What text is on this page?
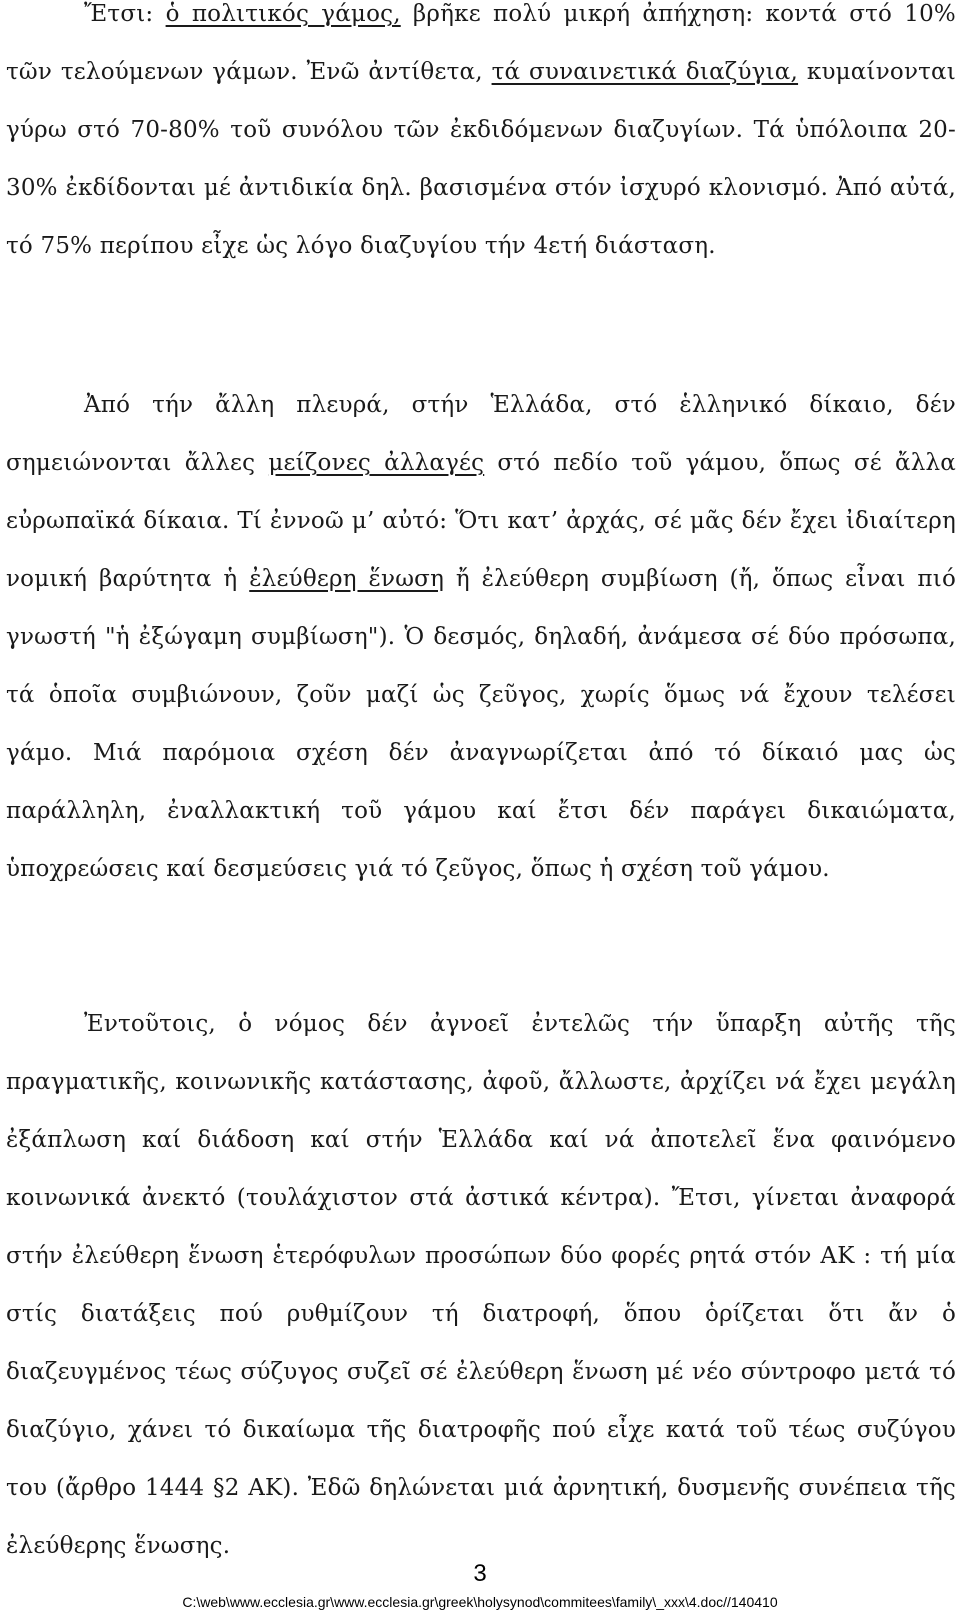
Ἔτσι: ὁ πολιτικός γάμος, βρῆκε πολύ μικρή ἀπήχηση: κοντά στό 10% τῶν τελούμενων γάμων. Ἐνῶ ἀντίθετα, τά συναινετικά διαζύγια, κυμαίνονται γύρω στό 70-80% τοῦ συνόλου τῶν ἐκδιδόμενων διαζυγίων. Τά ὑπόλοιπα 20-30% ἐκδίδονται μέ ἀντιδικία δηλ. βασισμένα στόν ἰσχυρό κλονισμό. Ἀπό αὐτά, τό 75% περίπου εἶχε ὡς λόγο διαζυγίου τήν 4ετή διάσταση.

Ἀπό τήν ἄλλη πλευρά, στήν Ἑλλάδα, στό ἑλληνικό δίκαιο, δέν σημειώνονται ἄλλες μείζονες ἀλλαγές στό πεδίο τοῦ γάμου, ὅπως σέ ἄλλα εὐρωπαϊκά δίκαια. Τί ἐννοῶ μ’ αὐτό: Ὅτι κατ’ ἀρχάς, σέ μᾶς δέν ἔχει ἰδιαίτερη νομική βαρύτητα ἡ ἐλεύθερη ἕνωση ἤ ἐλεύθερη συμβίωση (ἤ, ὅπως εἶναι πιό γνωστή "ἡ ἐξώγαμη συμβίωση"). Ὁ δεσμός, δηλαδή, ἀνάμεσα σέ δύο πρόσωπα, τά ὁποῖα συμβιώνουν, ζοῦν μαζί ὡς ζεῦγος, χωρίς ὅμως νά ἔχουν τελέσει γάμο. Μιά παρόμοια σχέση δέν ἀναγνωρίζεται ἀπό τό δίκαιό μας ὡς παράλληλη, ἐναλλακτική τοῦ γάμου καί ἔτσι δέν παράγει δικαιώματα, ὑποχρεώσεις καί δεσμεύσεις γιά τό ζεῦγος, ὅπως ἡ σχέση τοῦ γάμου.

Ἐντοῦτοις, ὁ νόμος δέν ἀγνοεῖ ἐντελῶς τήν ὕπαρξη αὐτῆς τῆς πραγματικῆς, κοινωνικῆς κατάστασης, ἀφοῦ, ἄλλωστε, ἀρχίζει νά ἔχει μεγάλη ἐξάπλωση καί διάδοση καί στήν Ἑλλάδα καί νά ἀποτελεῖ ἕνα φαινόμενο κοινωνικά ἀνεκτό (τουλάχιστον στά ἀστικά κέντρα). Ἔτσι, γίνεται ἀναφορά στήν ἐλεύθερη ἕνωση ἑτερόφυλων προσώπων δύο φορές ρητά στόν ΑΚ : τή μία στίς διατάξεις πού ρυθμίζουν τή διατροφή, ὅπου ὁρίζεται ὅτι ἄν ὁ διαζευγμένος τέως σύζυγος συζεῖ σέ ἐλεύθερη ἕνωση μέ νέο σύντροφο μετά τό διαζύγιο, χάνει τό δικαίωμα τῆς διατροφῆς πού εἶχε κατά τοῦ τέως συζύγου του (ἄρθρο 1444 §2 ΑΚ). Ἐδῶ δηλώνεται μιά ἀρνητική, δυσμενῆς συνέπεια τῆς ἐλεύθερης ἕνωσης.

3
C:\web\www.ecclesia.gr\www.ecclesia.gr\greek\holysynod\commitees\family\_xxx\4.doc//140410
